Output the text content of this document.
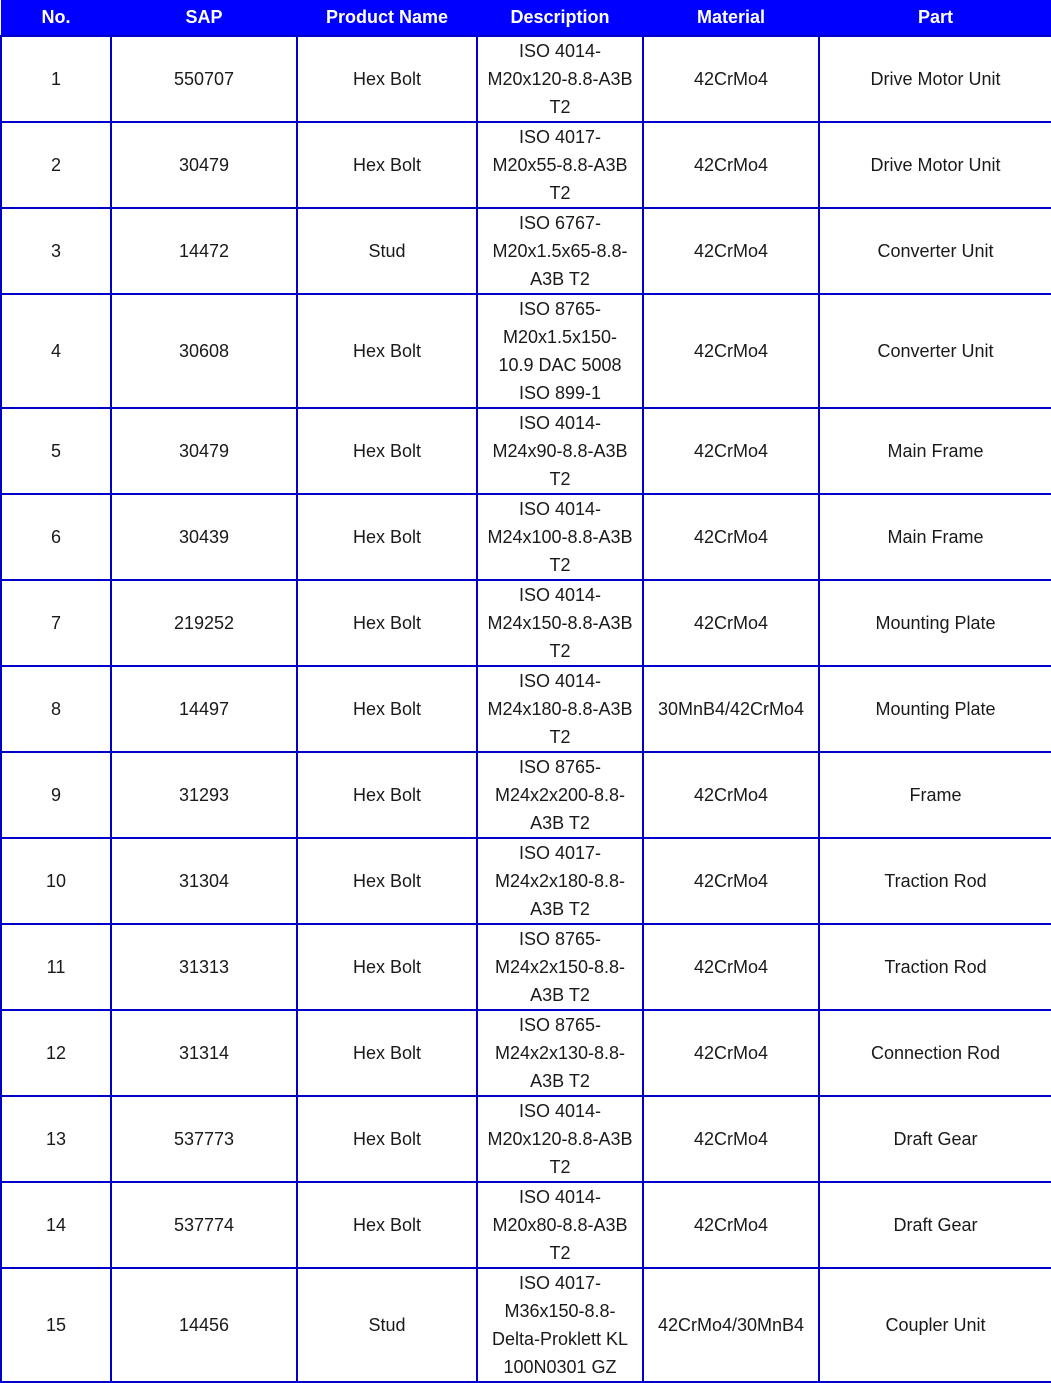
No.	SAP	Product Name	Description	Material	Part
1	550707	Hex Bolt	ISO 4014-
M20x120-8.8-A3B
T2	42CrMo4	Drive Motor Unit
2	30479	Hex Bolt	ISO 4017-
M20x55-8.8-A3B
T2	42CrMo4	Drive Motor Unit
3	14472	Stud	ISO 6767-
M20x1.5x65-8.8-
A3B T2	42CrMo4	Converter Unit
4	30608	Hex Bolt	ISO 8765-
M20x1.5x150-
10.9 DAC 5008
ISO 899-1	42CrMo4	Converter Unit
5	30479	Hex Bolt	ISO 4014-
M24x90-8.8-A3B
T2	42CrMo4	Main Frame
6	30439	Hex Bolt	ISO 4014-
M24x100-8.8-A3B
T2	42CrMo4	Main Frame
7	219252	Hex Bolt	ISO 4014-
M24x150-8.8-A3B
T2	42CrMo4	Mounting Plate
8	14497	Hex Bolt	ISO 4014-
M24x180-8.8-A3B
T2	30MnB4/42CrMo4	Mounting Plate
9	31293	Hex Bolt	ISO 8765-
M24x2x200-8.8-
A3B T2	42CrMo4	Frame
10	31304	Hex Bolt	ISO 4017-
M24x2x180-8.8-
A3B T2	42CrMo4	Traction Rod
11	31313	Hex Bolt	ISO 8765-
M24x2x150-8.8-
A3B T2	42CrMo4	Traction Rod
12	31314	Hex Bolt	ISO 8765-
M24x2x130-8.8-
A3B T2	42CrMo4	Connection Rod
13	537773	Hex Bolt	ISO 4014-
M20x120-8.8-A3B
T2	42CrMo4	Draft Gear
14	537774	Hex Bolt	ISO 4014-
M20x80-8.8-A3B
T2	42CrMo4	Draft Gear
15	14456	Stud	ISO 4017-
M36x150-8.8-
Delta-Proklett KL
100N0301 GZ	42CrMo4/30MnB4	Coupler Unit
